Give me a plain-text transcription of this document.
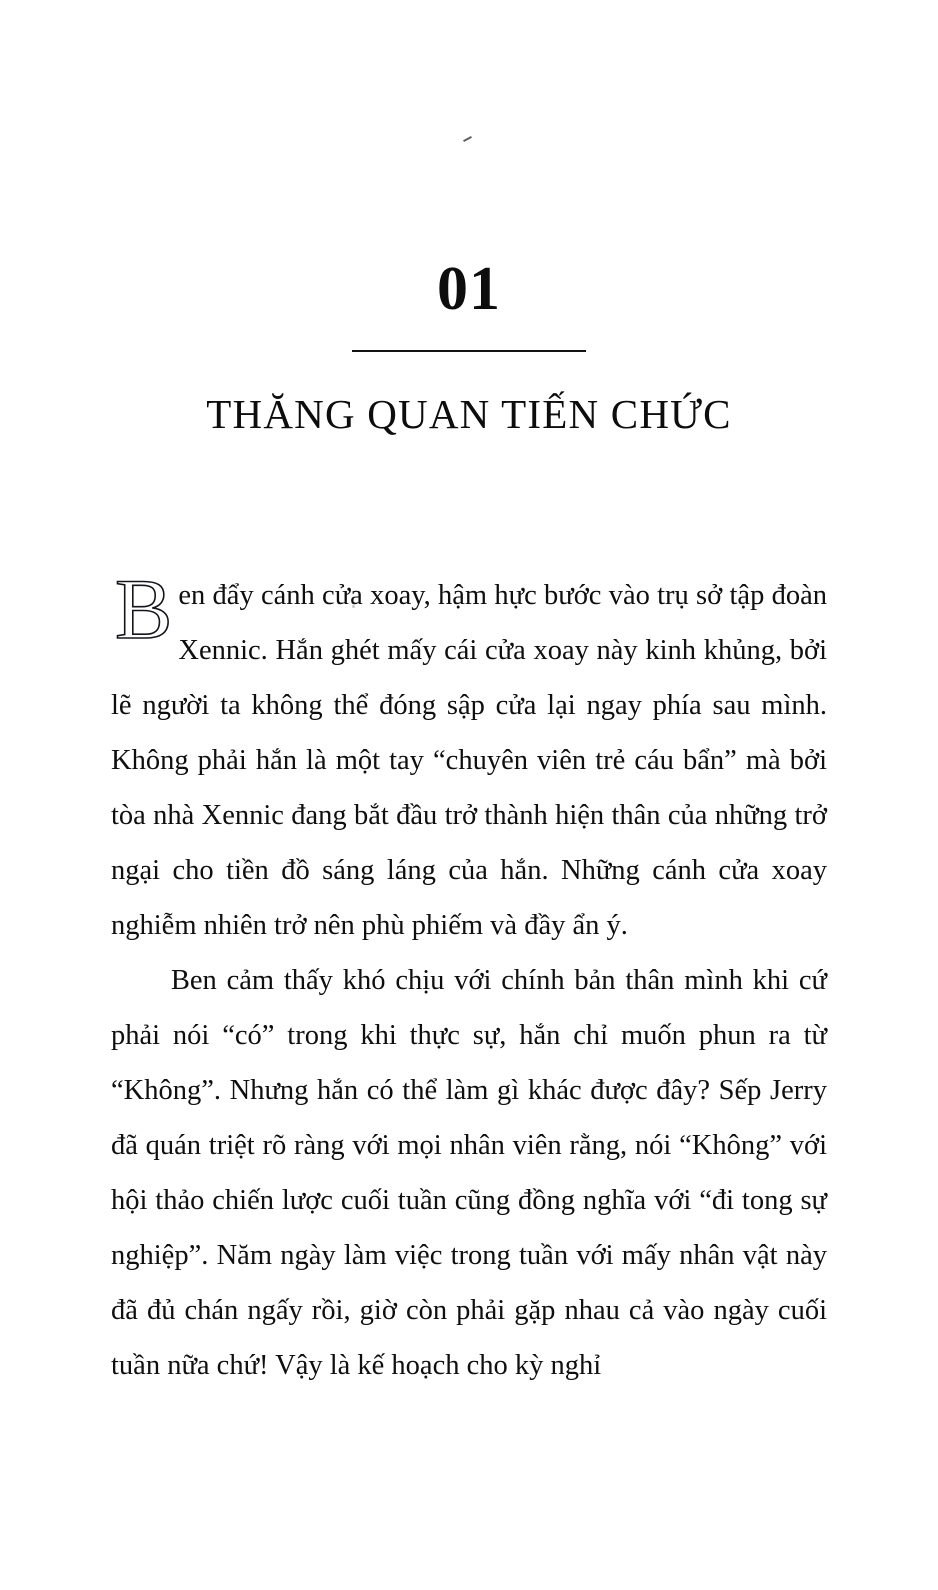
01
THĂNG QUAN TIẾN CHỨC

Ben đẩy cánh cửa xoay, hậm hực bước vào trụ sở tập đoàn Xennic. Hắn ghét mấy cái cửa xoay này kinh khủng, bởi lẽ người ta không thể đóng sập cửa lại ngay phía sau mình. Không phải hắn là một tay “chuyên viên trẻ cáu bẩn” mà bởi tòa nhà Xennic đang bắt đầu trở thành hiện thân của những trở ngại cho tiền đồ sáng láng của hắn. Những cánh cửa xoay nghiễm nhiên trở nên phù phiếm và đầy ẩn ý.

Ben cảm thấy khó chịu với chính bản thân mình khi cứ phải nói “có” trong khi thực sự, hắn chỉ muốn phun ra từ “Không”. Nhưng hắn có thể làm gì khác được đây? Sếp Jerry đã quán triệt rõ ràng với mọi nhân viên rằng, nói “Không” với hội thảo chiến lược cuối tuần cũng đồng nghĩa với “đi tong sự nghiệp”. Năm ngày làm việc trong tuần với mấy nhân vật này đã đủ chán ngấy rồi, giờ còn phải gặp nhau cả vào ngày cuối tuần nữa chứ! Vậy là kế hoạch cho kỳ nghỉ
